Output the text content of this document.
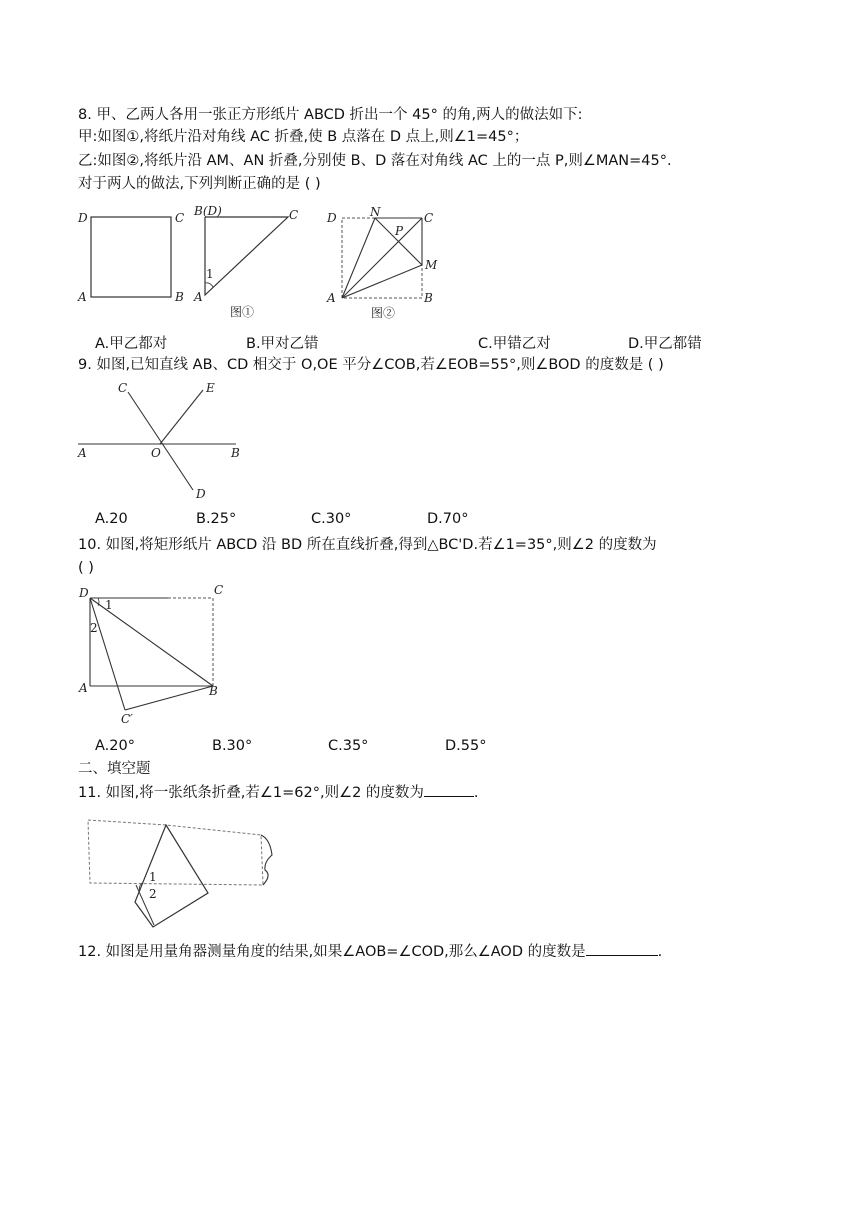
8. 甲、乙两人各用一张正方形纸片 ABCD 折出一个 45° 的角,两人的做法如下:
甲:如图①,将纸片沿对角线 AC 折叠,使 B 点落在 D 点上,则∠1=45°；
乙:如图②,将纸片沿 AM、AN 折叠,分别使 B、D 落在对角线 AC 上的一点 P,则∠MAN=45°.
对于两人的做法,下列判断正确的是 ( )
D	C
A	B
B(D)	C
A
1
图①
D	N	C
P
M
A	B
图②
A.甲乙都对	B.甲对乙错	C.甲错乙对	D.甲乙都错
9. 如图,已知直线 AB、CD 相交于 O,OE 平分∠COB,若∠EOB=55°,则∠BOD 的度数是 ( )
C	E
A	O	B
D
A.20	B.25°	C.30°	D.70°
10. 如图,将矩形纸片 ABCD 沿 BD 所在直线折叠,得到△BC'D.若∠1=35°,则∠2 的度数为
( )
D	C
1
2
A	B
C′
A.20°	B.30°	C.35°	D.55°
二、填空题
11. 如图,将一张纸条折叠,若∠1=62°,则∠2 的度数为	.
1
2
12. 如图是用量角器测量角度的结果,如果∠AOB=∠COD,那么∠AOD 的度数是	.
